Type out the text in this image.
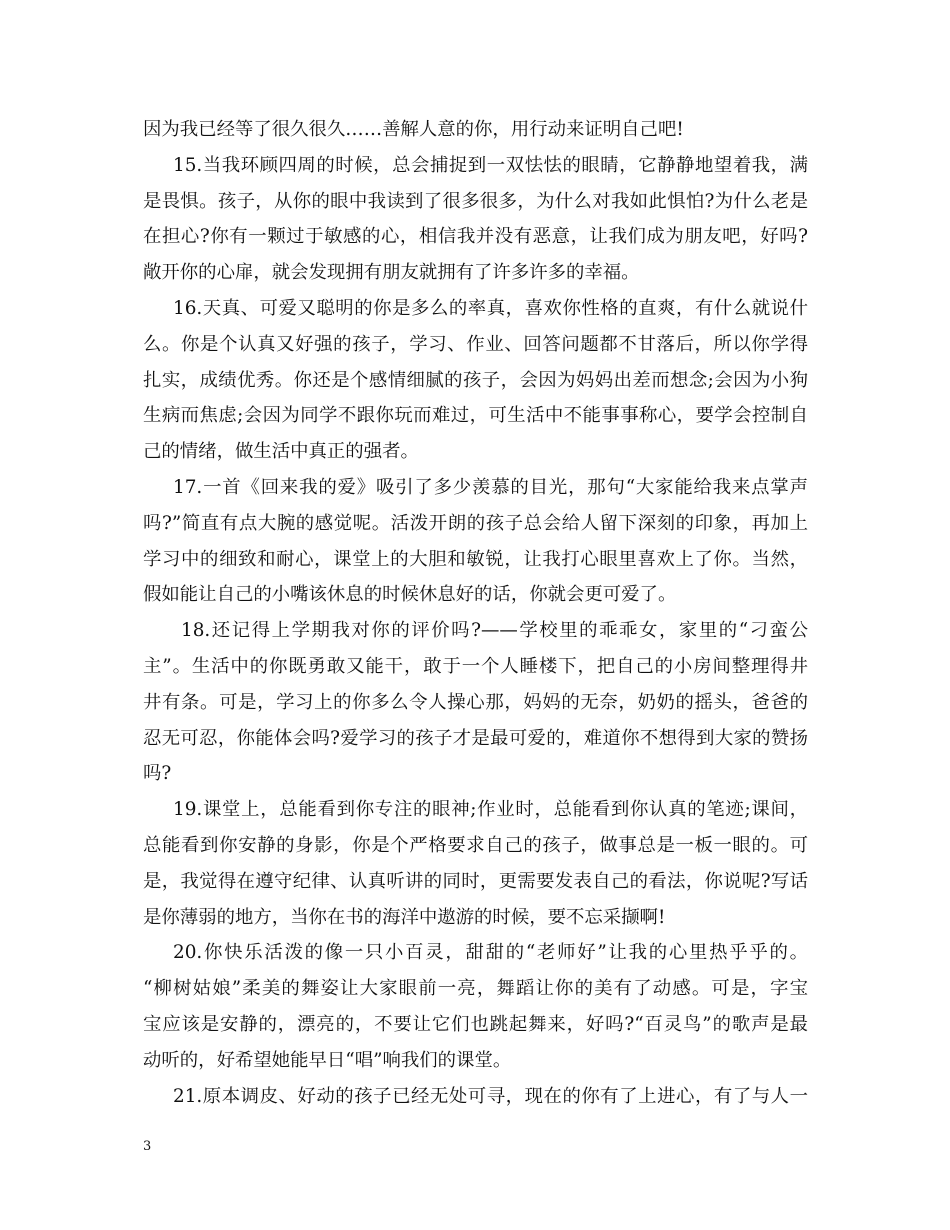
因为我已经等了很久很久……善解人意的你，用行动来证明自己吧!
15.当我环顾四周的时候，总会捕捉到一双怯怯的眼睛，它静静地望着我，满
是畏惧。孩子，从你的眼中我读到了很多很多，为什么对我如此惧怕?为什么老是
在担心?你有一颗过于敏感的心，相信我并没有恶意，让我们成为朋友吧，好吗?
敞开你的心扉，就会发现拥有朋友就拥有了许多许多的幸福。
16.天真、可爱又聪明的你是多么的率真，喜欢你性格的直爽，有什么就说什
么。你是个认真又好强的孩子，学习、作业、回答问题都不甘落后，所以你学得
扎实，成绩优秀。你还是个感情细腻的孩子，会因为妈妈出差而想念;会因为小狗
生病而焦虑;会因为同学不跟你玩而难过，可生活中不能事事称心，要学会控制自
己的情绪，做生活中真正的强者。
17.一首《回来我的爱》吸引了多少羡慕的目光，那句“大家能给我来点掌声
吗?”简直有点大腕的感觉呢。活泼开朗的孩子总会给人留下深刻的印象，再加上
学习中的细致和耐心，课堂上的大胆和敏锐，让我打心眼里喜欢上了你。当然，
假如能让自己的小嘴该休息的时候休息好的话，你就会更可爱了。
18.还记得上学期我对你的评价吗?——学校里的乖乖女，家里的“刁蛮公
主”。生活中的你既勇敢又能干，敢于一个人睡楼下，把自己的小房间整理得井
井有条。可是，学习上的你多么令人操心那，妈妈的无奈，奶奶的摇头，爸爸的
忍无可忍，你能体会吗?爱学习的孩子才是最可爱的，难道你不想得到大家的赞扬
吗?
19.课堂上，总能看到你专注的眼神;作业时，总能看到你认真的笔迹;课间，
总能看到你安静的身影，你是个严格要求自己的孩子，做事总是一板一眼的。可
是，我觉得在遵守纪律、认真听讲的同时，更需要发表自己的看法，你说呢?写话
是你薄弱的地方，当你在书的海洋中遨游的时候，要不忘采撷啊!
20.你快乐活泼的像一只小百灵，甜甜的“老师好”让我的心里热乎乎的。
“柳树姑娘”柔美的舞姿让大家眼前一亮，舞蹈让你的美有了动感。可是，字宝
宝应该是安静的，漂亮的，不要让它们也跳起舞来，好吗?“百灵鸟”的歌声是最
动听的，好希望她能早日“唱”响我们的课堂。
21.原本调皮、好动的孩子已经无处可寻，现在的你有了上进心，有了与人一
3
